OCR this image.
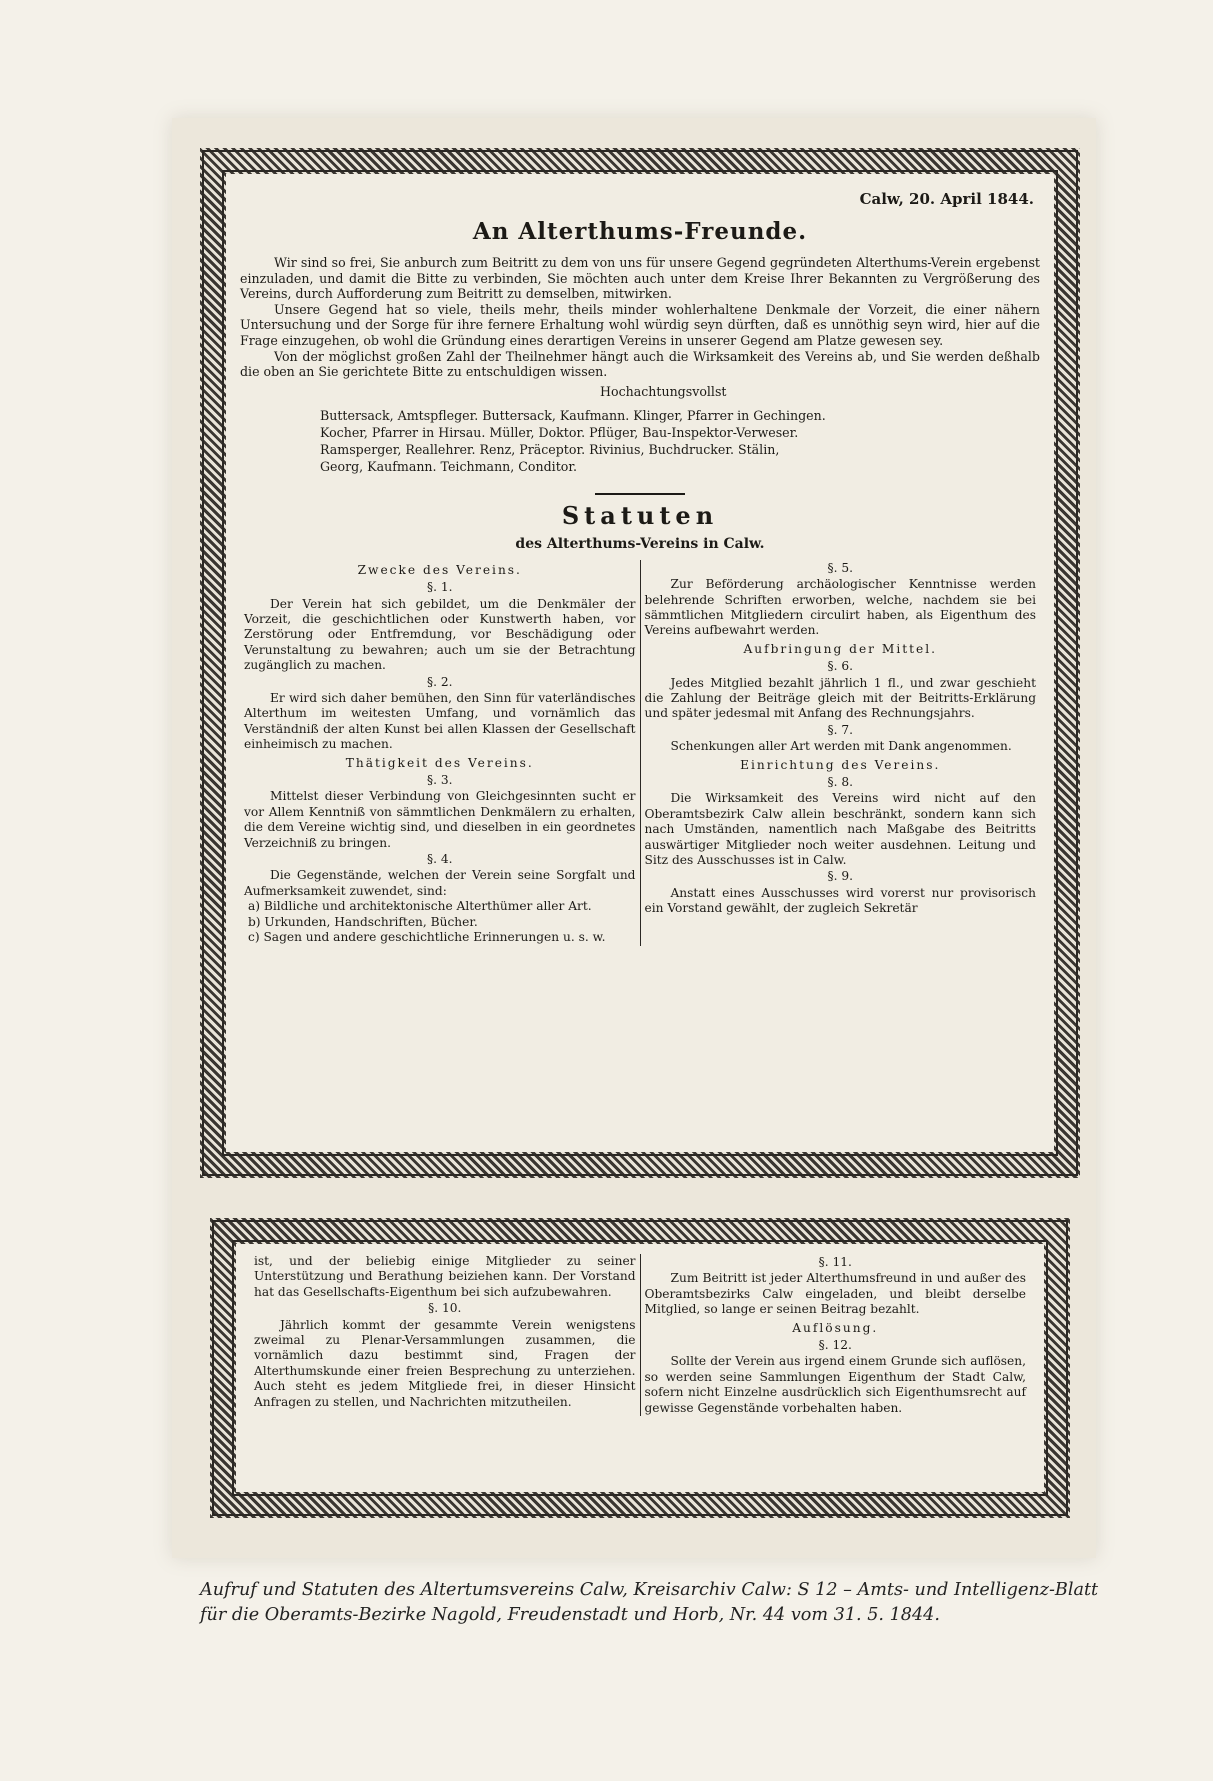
Calw, 20. April 1844.
An Alterthums-Freunde.

Wir sind so frei, Sie anburch zum Beitritt zu dem von uns für unsere Gegend gegründeten Alterthums-Verein ergebenst einzuladen, und damit die Bitte zu verbinden, Sie möchten auch unter dem Kreise Ihrer Bekannten zu Vergrößerung des Vereins, durch Aufforderung zum Beitritt zu demselben, mitwirken.

Unsere Gegend hat so viele, theils mehr, theils minder wohlerhaltene Denkmale der Vorzeit, die einer nähern Untersuchung und der Sorge für ihre fernere Erhaltung wohl würdig seyn dürften, daß es unnöthig seyn wird, hier auf die Frage einzugehen, ob wohl die Gründung eines derartigen Vereins in unserer Gegend am Platze gewesen sey.

Von der möglichst großen Zahl der Theilnehmer hängt auch die Wirksamkeit des Vereins ab, und Sie werden deßhalb die oben an Sie gerichtete Bitte zu entschuldigen wissen.

Hochachtungsvollst
Buttersack, Amtspfleger. Buttersack, Kaufmann. Klinger, Pfarrer in Gechingen.
Kocher, Pfarrer in Hirsau. Müller, Doktor. Pflüger, Bau-Inspektor-Verweser.
Ramsperger, Reallehrer. Renz, Präceptor. Rivinius, Buchdrucker. Stälin,
Georg, Kaufmann. Teichmann, Conditor.
Statuten
des Alterthums-Vereins in Calw.
Zwecke des Vereins.
§. 1.

Der Verein hat sich gebildet, um die Denkmäler der Vorzeit, die geschichtlichen oder Kunstwerth haben, vor Zerstörung oder Entfremdung, vor Beschädigung oder Verunstaltung zu bewahren; auch um sie der Betrachtung zugänglich zu machen.

§. 2.

Er wird sich daher bemühen, den Sinn für vaterländisches Alterthum im weitesten Umfang, und vornämlich das Verständniß der alten Kunst bei allen Klassen der Gesellschaft einheimisch zu machen.

Thätigkeit des Vereins.
§. 3.

Mittelst dieser Verbindung von Gleichgesinnten sucht er vor Allem Kenntniß von sämmtlichen Denkmälern zu erhalten, die dem Vereine wichtig sind, und dieselben in ein geordnetes Verzeichniß zu bringen.

§. 4.

Die Gegenstände, welchen der Verein seine Sorgfalt und Aufmerksamkeit zuwendet, sind:

a) Bildliche und architektonische Alterthümer aller Art.
b) Urkunden, Handschriften, Bücher.
c) Sagen und andere geschichtliche Erinnerungen u. s. w.
§. 5.

Zur Beförderung archäologischer Kenntnisse werden belehrende Schriften erworben, welche, nachdem sie bei sämmtlichen Mitgliedern circulirt haben, als Eigenthum des Vereins aufbewahrt werden.

Aufbringung der Mittel.
§. 6.

Jedes Mitglied bezahlt jährlich 1 fl., und zwar geschieht die Zahlung der Beiträge gleich mit der Beitritts-Erklärung und später jedesmal mit Anfang des Rechnungsjahrs.

§. 7.

Schenkungen aller Art werden mit Dank angenommen.

Einrichtung des Vereins.
§. 8.

Die Wirksamkeit des Vereins wird nicht auf den Oberamtsbezirk Calw allein beschränkt, sondern kann sich nach Umständen, namentlich nach Maßgabe des Beitritts auswärtiger Mitglieder noch weiter ausdehnen. Leitung und Sitz des Ausschusses ist in Calw.

§. 9.

Anstatt eines Ausschusses wird vorerst nur provisorisch ein Vorstand gewählt, der zugleich Sekretär

ist, und der beliebig einige Mitglieder zu seiner Unterstützung und Berathung beiziehen kann. Der Vorstand hat das Gesellschafts-Eigenthum bei sich aufzubewahren.

§. 10.

Jährlich kommt der gesammte Verein wenigstens zweimal zu Plenar-Versammlungen zusammen, die vornämlich dazu bestimmt sind, Fragen der Alterthumskunde einer freien Besprechung zu unterziehen. Auch steht es jedem Mitgliede frei, in dieser Hinsicht Anfragen zu stellen, und Nachrichten mitzutheilen.

§. 11.

Zum Beitritt ist jeder Alterthumsfreund in und außer des Oberamtsbezirks Calw eingeladen, und bleibt derselbe Mitglied, so lange er seinen Beitrag bezahlt.

Auflösung.
§. 12.

Sollte der Verein aus irgend einem Grunde sich auflösen, so werden seine Sammlungen Eigenthum der Stadt Calw, sofern nicht Einzelne ausdrücklich sich Eigenthumsrecht auf gewisse Gegenstände vorbehalten haben.

Aufruf und Statuten des Altertumsvereins Calw, Kreisarchiv Calw: S 12 – Amts- und Intelligenz-Blatt für die Oberamts-Bezirke Nagold, Freudenstadt und Horb, Nr. 44 vom 31. 5. 1844.
